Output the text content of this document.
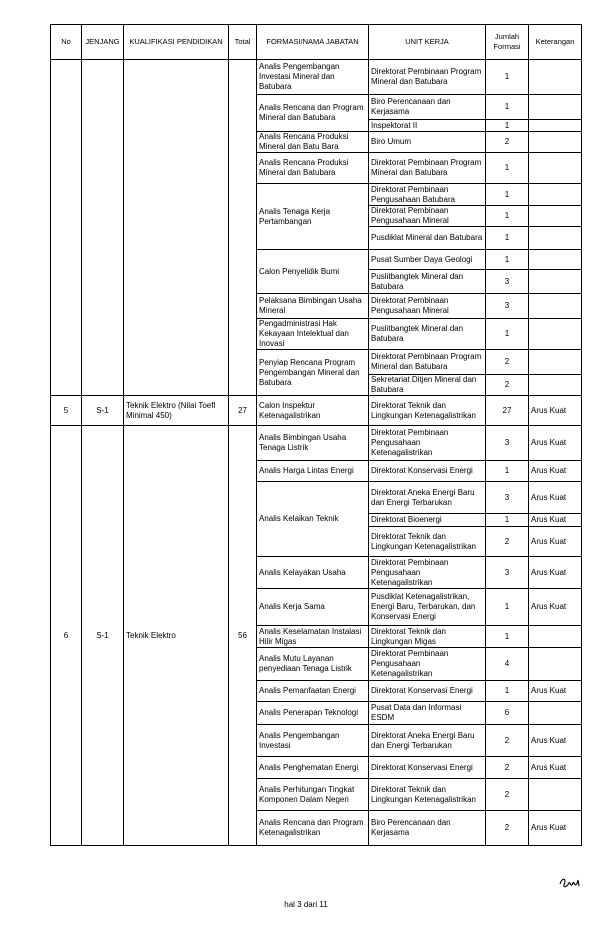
No	JENJANG	KUALIFIKASI PENDIDIKAN	Total	FORMASI/NAMA JABATAN	UNIT KERJA	Jumlah Formasi	Keterangan
				Analis Pengembangan Investasi Mineral dan Batubara	Direktorat Pembinaan Program Mineral dan Batubara	1	
				Analis Rencana dan Program Mineral dan Batubara	Biro Perencanaan dan Kerjasama	1	
					Inspektorat II	1	
				Analis Rencana Produksi Mineral dan Batu Bara	Biro Umum	2	
				Analis Rencana Produksi Mineral dan Batubara	Direktorat Pembinaan Program Mineral dan Batubara	1	
				Analis Tenaga Kerja Pertambangan	Direktorat Pembinaan Pengusahaan Batubara	1	
					Direktorat Pembinaan Pengusahaan Mineral	1	
					Pusdiklat Mineral dan Batubara	1	
				Calon Penyelidik Bumi	Pusat Sumber Daya Geologi	1	
					Puslitbangtek Mineral dan Batubara	3	
				Pelaksana Bimbingan Usaha Mineral	Direktorat Pembinaan Pengusahaan Mineral	3	
				Pengadministrasi Hak Kekayaan Intelektual dan Inovasi	Puslitbangtek Mineral dan Batubara	1	
				Penyiap Rencana Program Pengembangan Mineral dan Batubara	Direktorat Pembinaan Program Mineral dan Batubara	2	
					Sekretariat Ditjen Mineral dan Batubara	2	
5	S-1	Teknik Elektro (Nilai Toefl Minimal 450)	27	Calon Inspektur Ketenagalistrikan	Direktorat Teknik dan Lingkungan Ketenagalistrikan	27	Arus Kuat
6	S-1	Teknik Elektro	56	Analis Bimbingan Usaha Tenaga Listrik	Direktorat Pembinaan Pengusahaan Ketenagalistrikan	3	Arus Kuat
				Analis Harga Lintas Energi	Direktorat Konservasi Energi	1	Arus Kuat
				Analis Kelaikan Teknik	Direktorat Aneka Energi Baru dan Energi Terbarukan	3	Arus Kuat
					Direktorat Bioenergi	1	Arus Kuat
					Direktorat Teknik dan Lingkungan Ketenagalistrikan	2	Arus Kuat
				Analis Kelayakan Usaha	Direktorat Pembinaan Pengusahaan Ketenagalistrikan	3	Arus Kuat
				Analis Kerja Sama	Pusdiklat Ketenagalistrikan, Energi Baru, Terbarukan, dan Konservasi Energi	1	Arus Kuat
				Analis Keselamatan Instalasi Hilir Migas	Direktorat Teknik dan Lingkungan Migas	1	
				Analis Mutu Layanan penyediaan Tenaga Listrik	Direktorat Pembinaan Pengusahaan Ketenagalistrikan	4	
				Analis Pemanfaatan Energi	Direktorat Konservasi Energi	1	Arus Kuat
				Analis Penerapan Teknologi	Pusat Data dan Informasi ESDM	6	
				Analis Pengembangan Investasi	Direktorat Aneka Energi Baru dan Energi Terbarukan	2	Arus Kuat
				Analis Penghematan Energi	Direktorat Konservasi Energi	2	Arus Kuat
				Analis Perhitungan Tingkat Komponen Dalam Negeri	Direktorat Teknik dan Lingkungan Ketenagalistrikan	2	
				Analis Rencana dan Program Ketenagalistrikan	Biro Perencanaan dan Kerjasama	2	Arus Kuat
hal 3 dari 11
